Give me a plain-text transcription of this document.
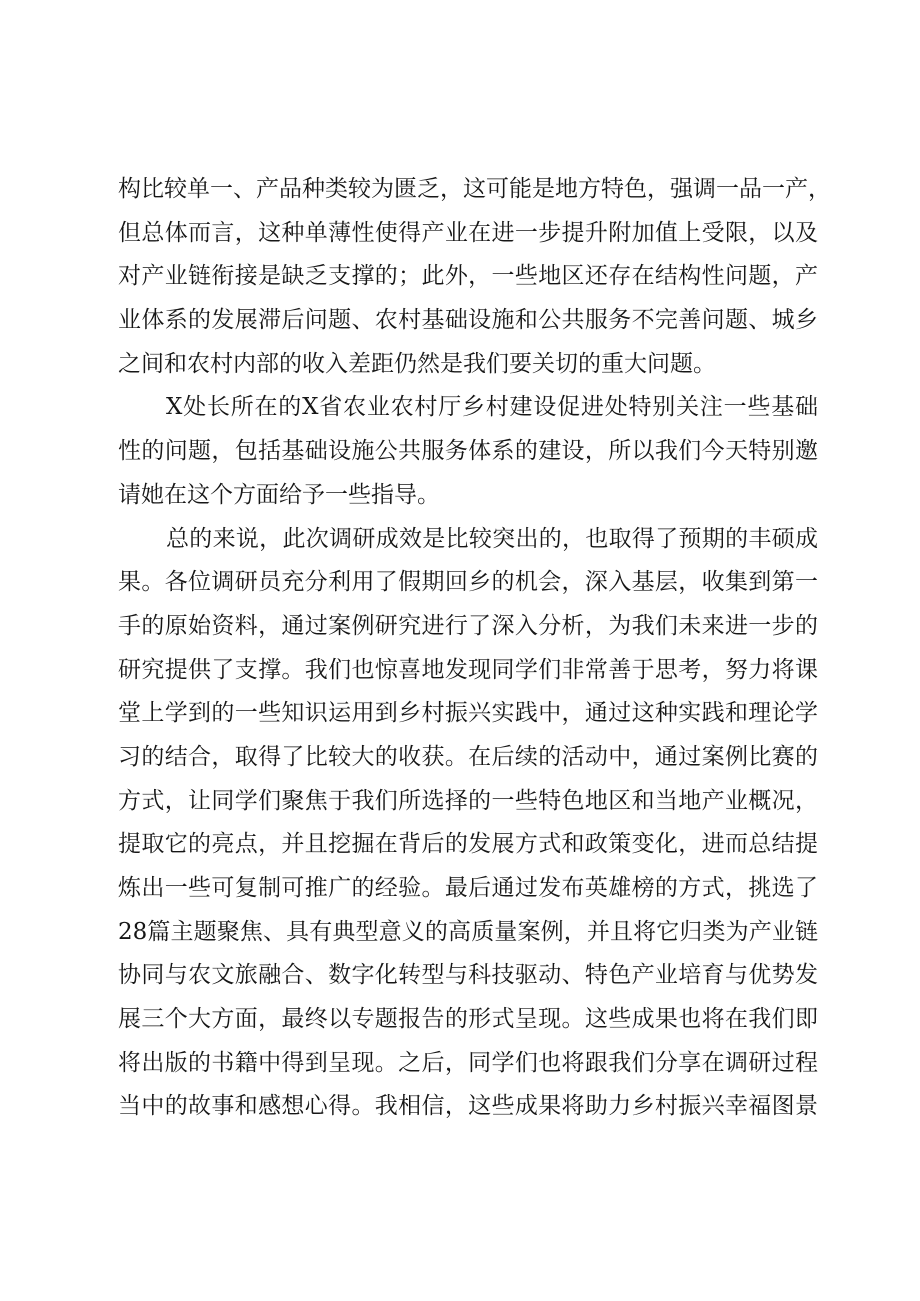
构比较单一、产品种类较为匮乏，这可能是地方特色，强调一品一产，
但总体而言，这种单薄性使得产业在进一步提升附加值上受限，以及
对产业链衔接是缺乏支撑的；此外，一些地区还存在结构性问题，产
业体系的发展滞后问题、农村基础设施和公共服务不完善问题、城乡
之间和农村内部的收入差距仍然是我们要关切的重大问题。
X处长所在的X省农业农村厅乡村建设促进处特别关注一些基础
性的问题，包括基础设施公共服务体系的建设，所以我们今天特别邀
请她在这个方面给予一些指导。
总的来说，此次调研成效是比较突出的，也取得了预期的丰硕成
果。各位调研员充分利用了假期回乡的机会，深入基层，收集到第一
手的原始资料，通过案例研究进行了深入分析，为我们未来进一步的
研究提供了支撑。我们也惊喜地发现同学们非常善于思考，努力将课
堂上学到的一些知识运用到乡村振兴实践中，通过这种实践和理论学
习的结合，取得了比较大的收获。在后续的活动中，通过案例比赛的
方式，让同学们聚焦于我们所选择的一些特色地区和当地产业概况，
提取它的亮点，并且挖掘在背后的发展方式和政策变化，进而总结提
炼出一些可复制可推广的经验。最后通过发布英雄榜的方式，挑选了
28篇主题聚焦、具有典型意义的高质量案例，并且将它归类为产业链
协同与农文旅融合、数字化转型与科技驱动、特色产业培育与优势发
展三个大方面，最终以专题报告的形式呈现。这些成果也将在我们即
将出版的书籍中得到呈现。之后，同学们也将跟我们分享在调研过程
当中的故事和感想心得。我相信，这些成果将助力乡村振兴幸福图景
